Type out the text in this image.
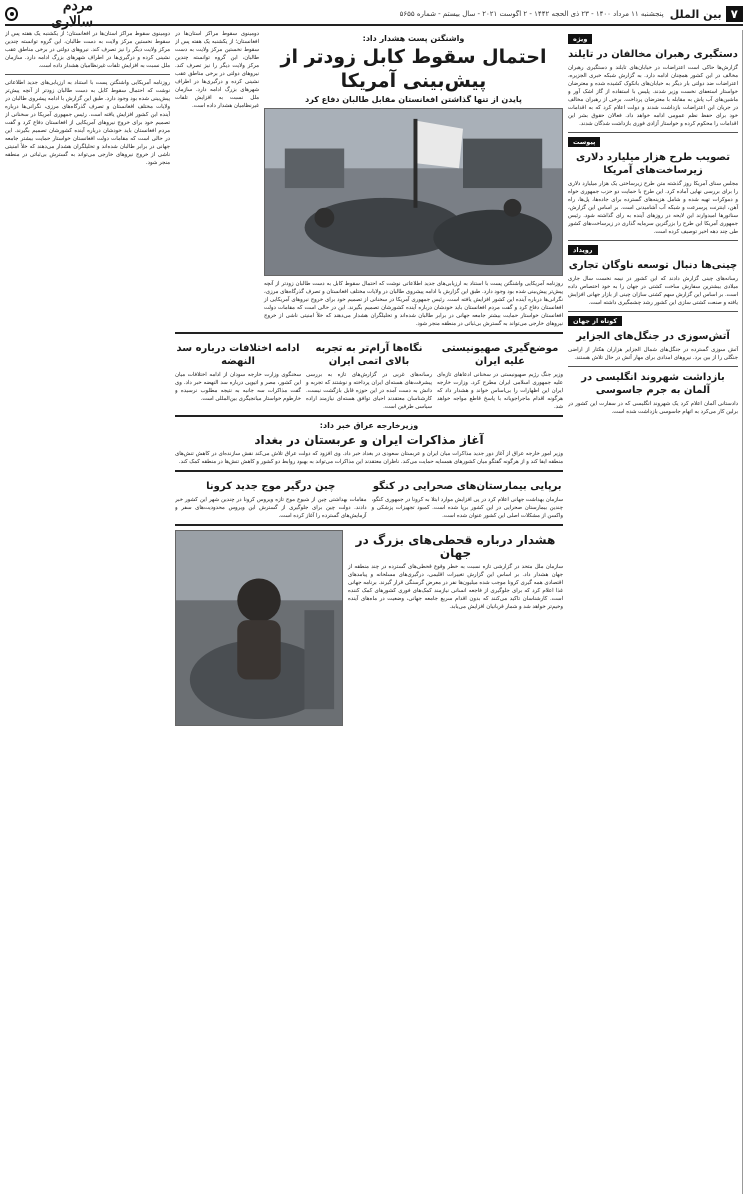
۷
بین الملل
پنجشنبه ۱۱ مرداد ۱۴۰۰ - ۲۳ ذی الحجه ۱۴۴۲ - ۲ اگوست ۲۰۲۱ - سال بیستم - شماره ۵۶۵۵
مردم سالاری
ویژه
دستگیری رهبران مخالفان در تایلند

گزارش‌ها حاکی است اعتراضات در خیابان‌های تایلند و دستگیری رهبران مخالف در این کشور همچنان ادامه دارد. به گزارش شبکه خبری الجزیره، اعتراضات ضد دولتی بار دیگر به خیابان‌های بانکوک کشیده شده و معترضان خواستار استعفای نخست وزیر شدند. پلیس با استفاده از گاز اشک آور و ماشین‌های آب پاش به مقابله با معترضان پرداخت. برخی از رهبران مخالف در جریان این اعتراضات بازداشت شدند و دولت اعلام کرد که به اقدامات خود برای حفظ نظم عمومی ادامه خواهد داد. فعالان حقوق بشر این اقدامات را محکوم کرده و خواستار آزادی فوری بازداشت شدگان شدند.

پیوست
تصویب طرح هزار میلیارد دلاری زیرساخت‌های آمریکا

مجلس سنای آمریکا روز گذشته متن طرح زیرساختی یک هزار میلیارد دلاری را برای بررسی نهایی آماده کرد. این طرح با حمایت دو حزب جمهوری خواه و دموکرات تهیه شده و شامل هزینه‌های گسترده برای جاده‌ها، پل‌ها، راه آهن، اینترنت پرسرعت و شبکه آب آشامیدنی است. بر اساس این گزارش، سناتورها امیدوارند این لایحه در روزهای آینده به رای گذاشته شود. رئیس جمهوری آمریکا این طرح را بزرگترین سرمایه گذاری در زیرساخت‌های کشور طی چند دهه اخیر توصیف کرده است.

رویداد
چینی‌ها دنبال توسعه ناوگان تجاری

رسانه‌های چینی گزارش دادند که این کشور در نیمه نخست سال جاری میلادی بیشترین سفارش ساخت کشتی در جهان را به خود اختصاص داده است. بر اساس این گزارش سهم کشتی سازان چینی از بازار جهانی افزایش یافته و صنعت کشتی سازی این کشور رشد چشمگیری داشته است.

کوتاه از جهان
آتش‌سوزی در جنگل‌های الجزایر

آتش سوزی گسترده در جنگل‌های شمال الجزایر هزاران هکتار از اراضی جنگلی را از بین برد. نیروهای امدادی برای مهار آتش در حال تلاش هستند.

بازداشت شهروند انگلیسی در آلمان به جرم جاسوسی

دادستانی آلمان اعلام کرد یک شهروند انگلیسی که در سفارت این کشور در برلین کار می‌کرد به اتهام جاسوسی بازداشت شده است.

واشنگتن پست هشدار داد:
احتمال سقوط کابل زودتر از پیش‌بینی آمریکا
پایدن از تنها گذاشتن افغانستان مقابل طالبان دفاع کرد

روزنامه آمریکایی واشنگتن پست با استناد به ارزیابی‌های جدید اطلاعاتی نوشت که احتمال سقوط کابل به دست طالبان زودتر از آنچه پیش‌تر پیش‌بینی شده بود وجود دارد. طبق این گزارش با ادامه پیشروی طالبان در ولایات مختلف افغانستان و تصرف گذرگاه‌های مرزی، نگرانی‌ها درباره آینده این کشور افزایش یافته است. رئیس جمهوری آمریکا در سخنانی از تصمیم خود برای خروج نیروهای آمریکایی از افغانستان دفاع کرد و گفت مردم افغانستان باید خودشان درباره آینده کشورشان تصمیم بگیرند. این در حالی است که مقامات دولت افغانستان خواستار حمایت بیشتر جامعه جهانی در برابر طالبان شده‌اند و تحلیلگران هشدار می‌دهند که خلأ امنیتی ناشی از خروج نیروهای خارجی می‌تواند به گسترش بی‌ثباتی در منطقه منجر شود.

دومینوی سقوط مراکز استان‌ها در افغانستان؛ از یکشنبه یک هفته پس از سقوط نخستین مرکز ولایت به دست طالبان، این گروه توانسته چندین مرکز ولایت دیگر را نیز تصرف کند. نیروهای دولتی در برخی مناطق عقب نشینی کرده و درگیری‌ها در اطراف شهرهای بزرگ ادامه دارد. سازمان ملل نسبت به افزایش تلفات غیرنظامیان هشدار داده است.

موضع‌گیری صهیونیستی علیه ایران

وزیر جنگ رژیم صهیونیستی در سخنانی ادعاهای تازه‌ای علیه جمهوری اسلامی ایران مطرح کرد. وزارت خارجه ایران این اظهارات را بی‌اساس خواند و هشدار داد که هرگونه اقدام ماجراجویانه با پاسخ قاطع مواجه خواهد شد.

نگاه‌ها آرام‌تر به تجربه بالای اتمی ایران

رسانه‌های غربی در گزارش‌های تازه به بررسی پیشرفت‌های هسته‌ای ایران پرداخته و نوشتند که تجربه و دانش به دست آمده در این حوزه قابل بازگشت نیست. کارشناسان معتقدند احیای توافق هسته‌ای نیازمند اراده سیاسی طرفین است.

ادامه اختلافات درباره سد النهضه

سخنگوی وزارت خارجه سودان از ادامه اختلافات میان این کشور، مصر و اتیوپی درباره سد النهضه خبر داد. وی گفت مذاکرات سه جانبه به نتیجه مطلوب نرسیده و خارطوم خواستار میانجیگری بین‌المللی است.

وزیرخارجه عراق خبر داد:
آغاز مذاکرات ایران و عربستان در بغداد

وزیر امور خارجه عراق از آغاز دور جدید مذاکرات میان ایران و عربستان سعودی در بغداد خبر داد. وی افزود که دولت عراق تلاش می‌کند نقش سازنده‌ای در کاهش تنش‌های منطقه ایفا کند و از هرگونه گفتگو میان کشورهای همسایه حمایت می‌کند. ناظران معتقدند این مذاکرات می‌تواند به بهبود روابط دو کشور و کاهش تنش‌ها در منطقه کمک کند.

برپایی بیمارستان‌های صحرایی در کنگو

سازمان بهداشت جهانی اعلام کرد در پی افزایش موارد ابتلا به کرونا در جمهوری کنگو، چندین بیمارستان صحرایی در این کشور برپا شده است. کمبود تجهیزات پزشکی و واکسن از مشکلات اصلی این کشور عنوان شده است.

چین درگیر موج جدید کرونا

مقامات بهداشتی چین از شیوع موج تازه ویروس کرونا در چندین شهر این کشور خبر دادند. دولت چین برای جلوگیری از گسترش این ویروس محدودیت‌های سفر و آزمایش‌های گسترده را آغاز کرده است.

هشدار درباره قحطی‌های بزرگ در جهان

سازمان ملل متحد در گزارشی تازه نسبت به خطر وقوع قحطی‌های گسترده در چند منطقه از جهان هشدار داد. بر اساس این گزارش تغییرات اقلیمی، درگیری‌های مسلحانه و پیامدهای اقتصادی همه گیری کرونا موجب شده میلیون‌ها نفر در معرض گرسنگی قرار گیرند. برنامه جهانی غذا اعلام کرد که برای جلوگیری از فاجعه انسانی نیازمند کمک‌های فوری کشورهای کمک کننده است. کارشناسان تاکید می‌کنند که بدون اقدام سریع جامعه جهانی، وضعیت در ماه‌های آینده وخیم‌تر خواهد شد و شمار قربانیان افزایش می‌یابد.

دومینوی سقوط مراکز استان‌ها در افغانستان؛ از یکشنبه یک هفته پس از سقوط نخستین مرکز ولایت به دست طالبان، این گروه توانسته چندین مرکز ولایت دیگر را نیز تصرف کند. نیروهای دولتی در برخی مناطق عقب نشینی کرده و درگیری‌ها در اطراف شهرهای بزرگ ادامه دارد. سازمان ملل نسبت به افزایش تلفات غیرنظامیان هشدار داده است.

روزنامه آمریکایی واشنگتن پست با استناد به ارزیابی‌های جدید اطلاعاتی نوشت که احتمال سقوط کابل به دست طالبان زودتر از آنچه پیش‌تر پیش‌بینی شده بود وجود دارد. طبق این گزارش با ادامه پیشروی طالبان در ولایات مختلف افغانستان و تصرف گذرگاه‌های مرزی، نگرانی‌ها درباره آینده این کشور افزایش یافته است. رئیس جمهوری آمریکا در سخنانی از تصمیم خود برای خروج نیروهای آمریکایی از افغانستان دفاع کرد و گفت مردم افغانستان باید خودشان درباره آینده کشورشان تصمیم بگیرند. این در حالی است که مقامات دولت افغانستان خواستار حمایت بیشتر جامعه جهانی در برابر طالبان شده‌اند و تحلیلگران هشدار می‌دهند که خلأ امنیتی ناشی از خروج نیروهای خارجی می‌تواند به گسترش بی‌ثباتی در منطقه منجر شود.
